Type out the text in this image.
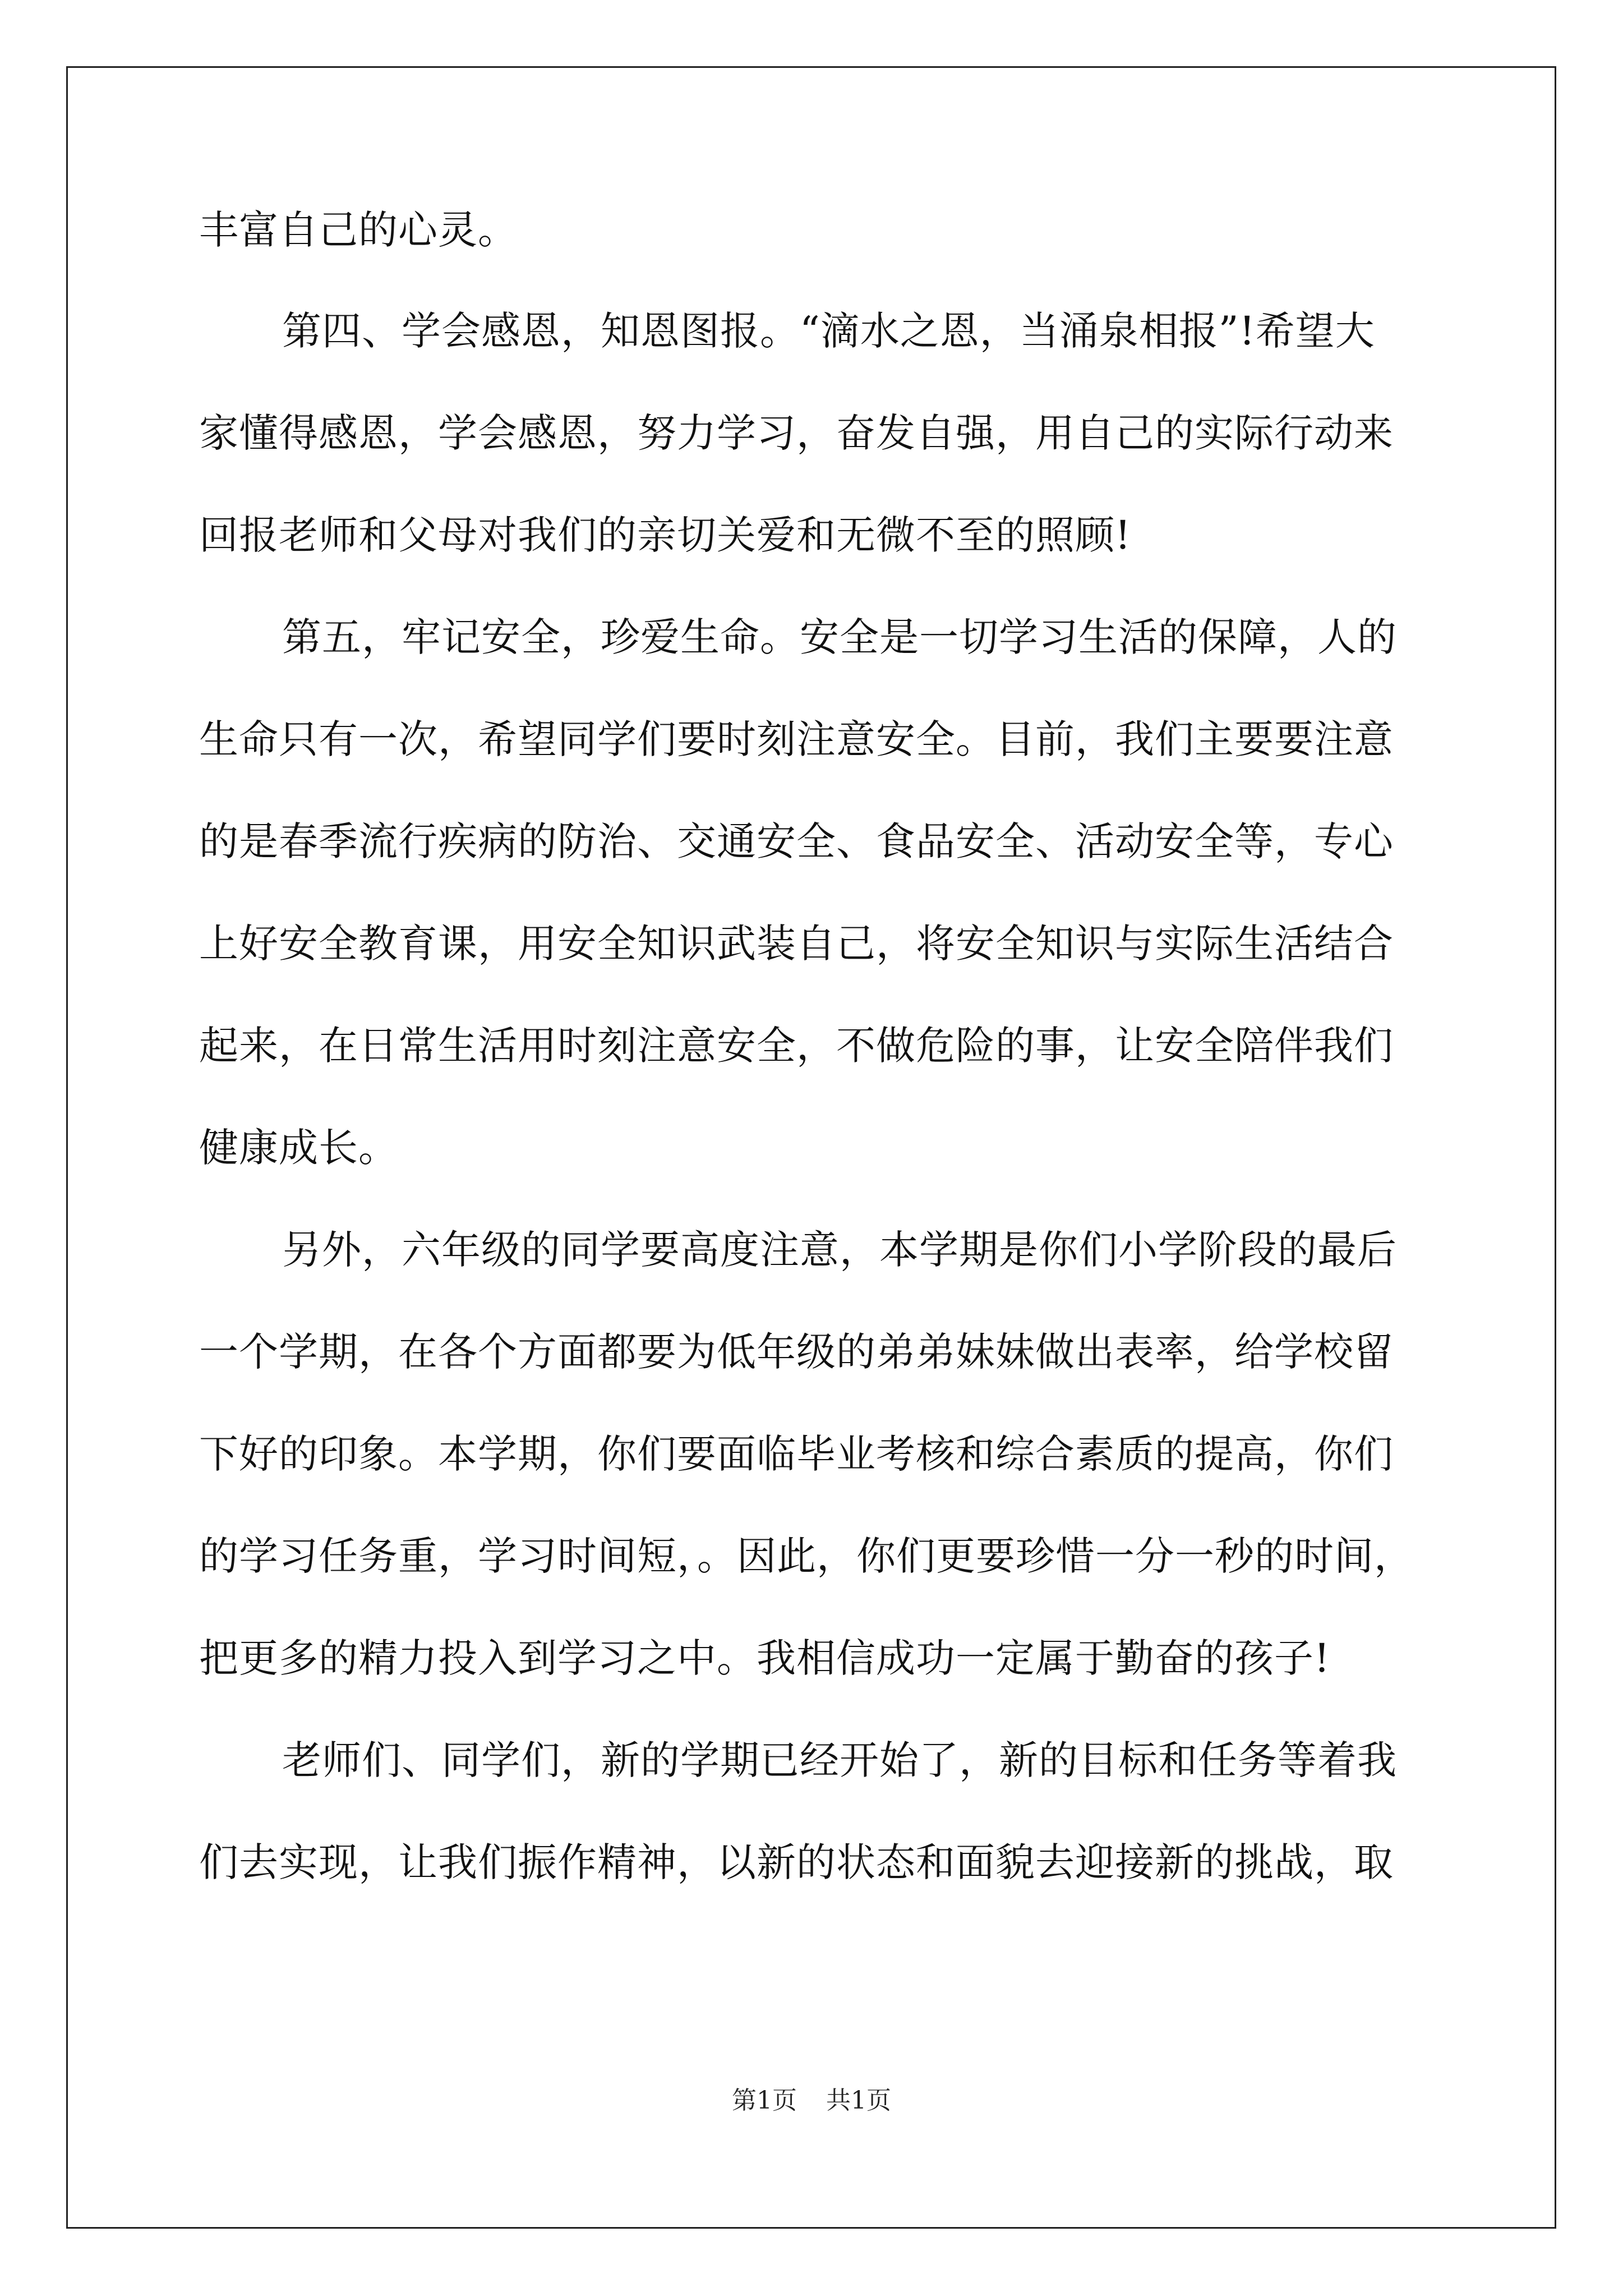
丰富自己的心灵。
第四、学会感恩，知恩图报。“滴水之恩，当涌泉相报”!希望大
家懂得感恩，学会感恩，努力学习，奋发自强，用自己的实际行动来
回报老师和父母对我们的亲切关爱和无微不至的照顾!
第五，牢记安全，珍爱生命。安全是一切学习生活的保障，人的
生命只有一次，希望同学们要时刻注意安全。目前，我们主要要注意
的是春季流行疾病的防治、交通安全、食品安全、活动安全等，专心
上好安全教育课，用安全知识武装自己，将安全知识与实际生活结合
起来，在日常生活用时刻注意安全，不做危险的事，让安全陪伴我们
健康成长。
另外，六年级的同学要高度注意，本学期是你们小学阶段的最后
一个学期，在各个方面都要为低年级的弟弟妹妹做出表率，给学校留
下好的印象。本学期，你们要面临毕业考核和综合素质的提高，你们
的学习任务重，学习时间短，。因此，你们更要珍惜一分一秒的时间，
把更多的精力投入到学习之中。我相信成功一定属于勤奋的孩子!
老师们、同学们，新的学期已经开始了，新的目标和任务等着我
们去实现，让我们振作精神，以新的状态和面貌去迎接新的挑战，取
第1页 共1页
